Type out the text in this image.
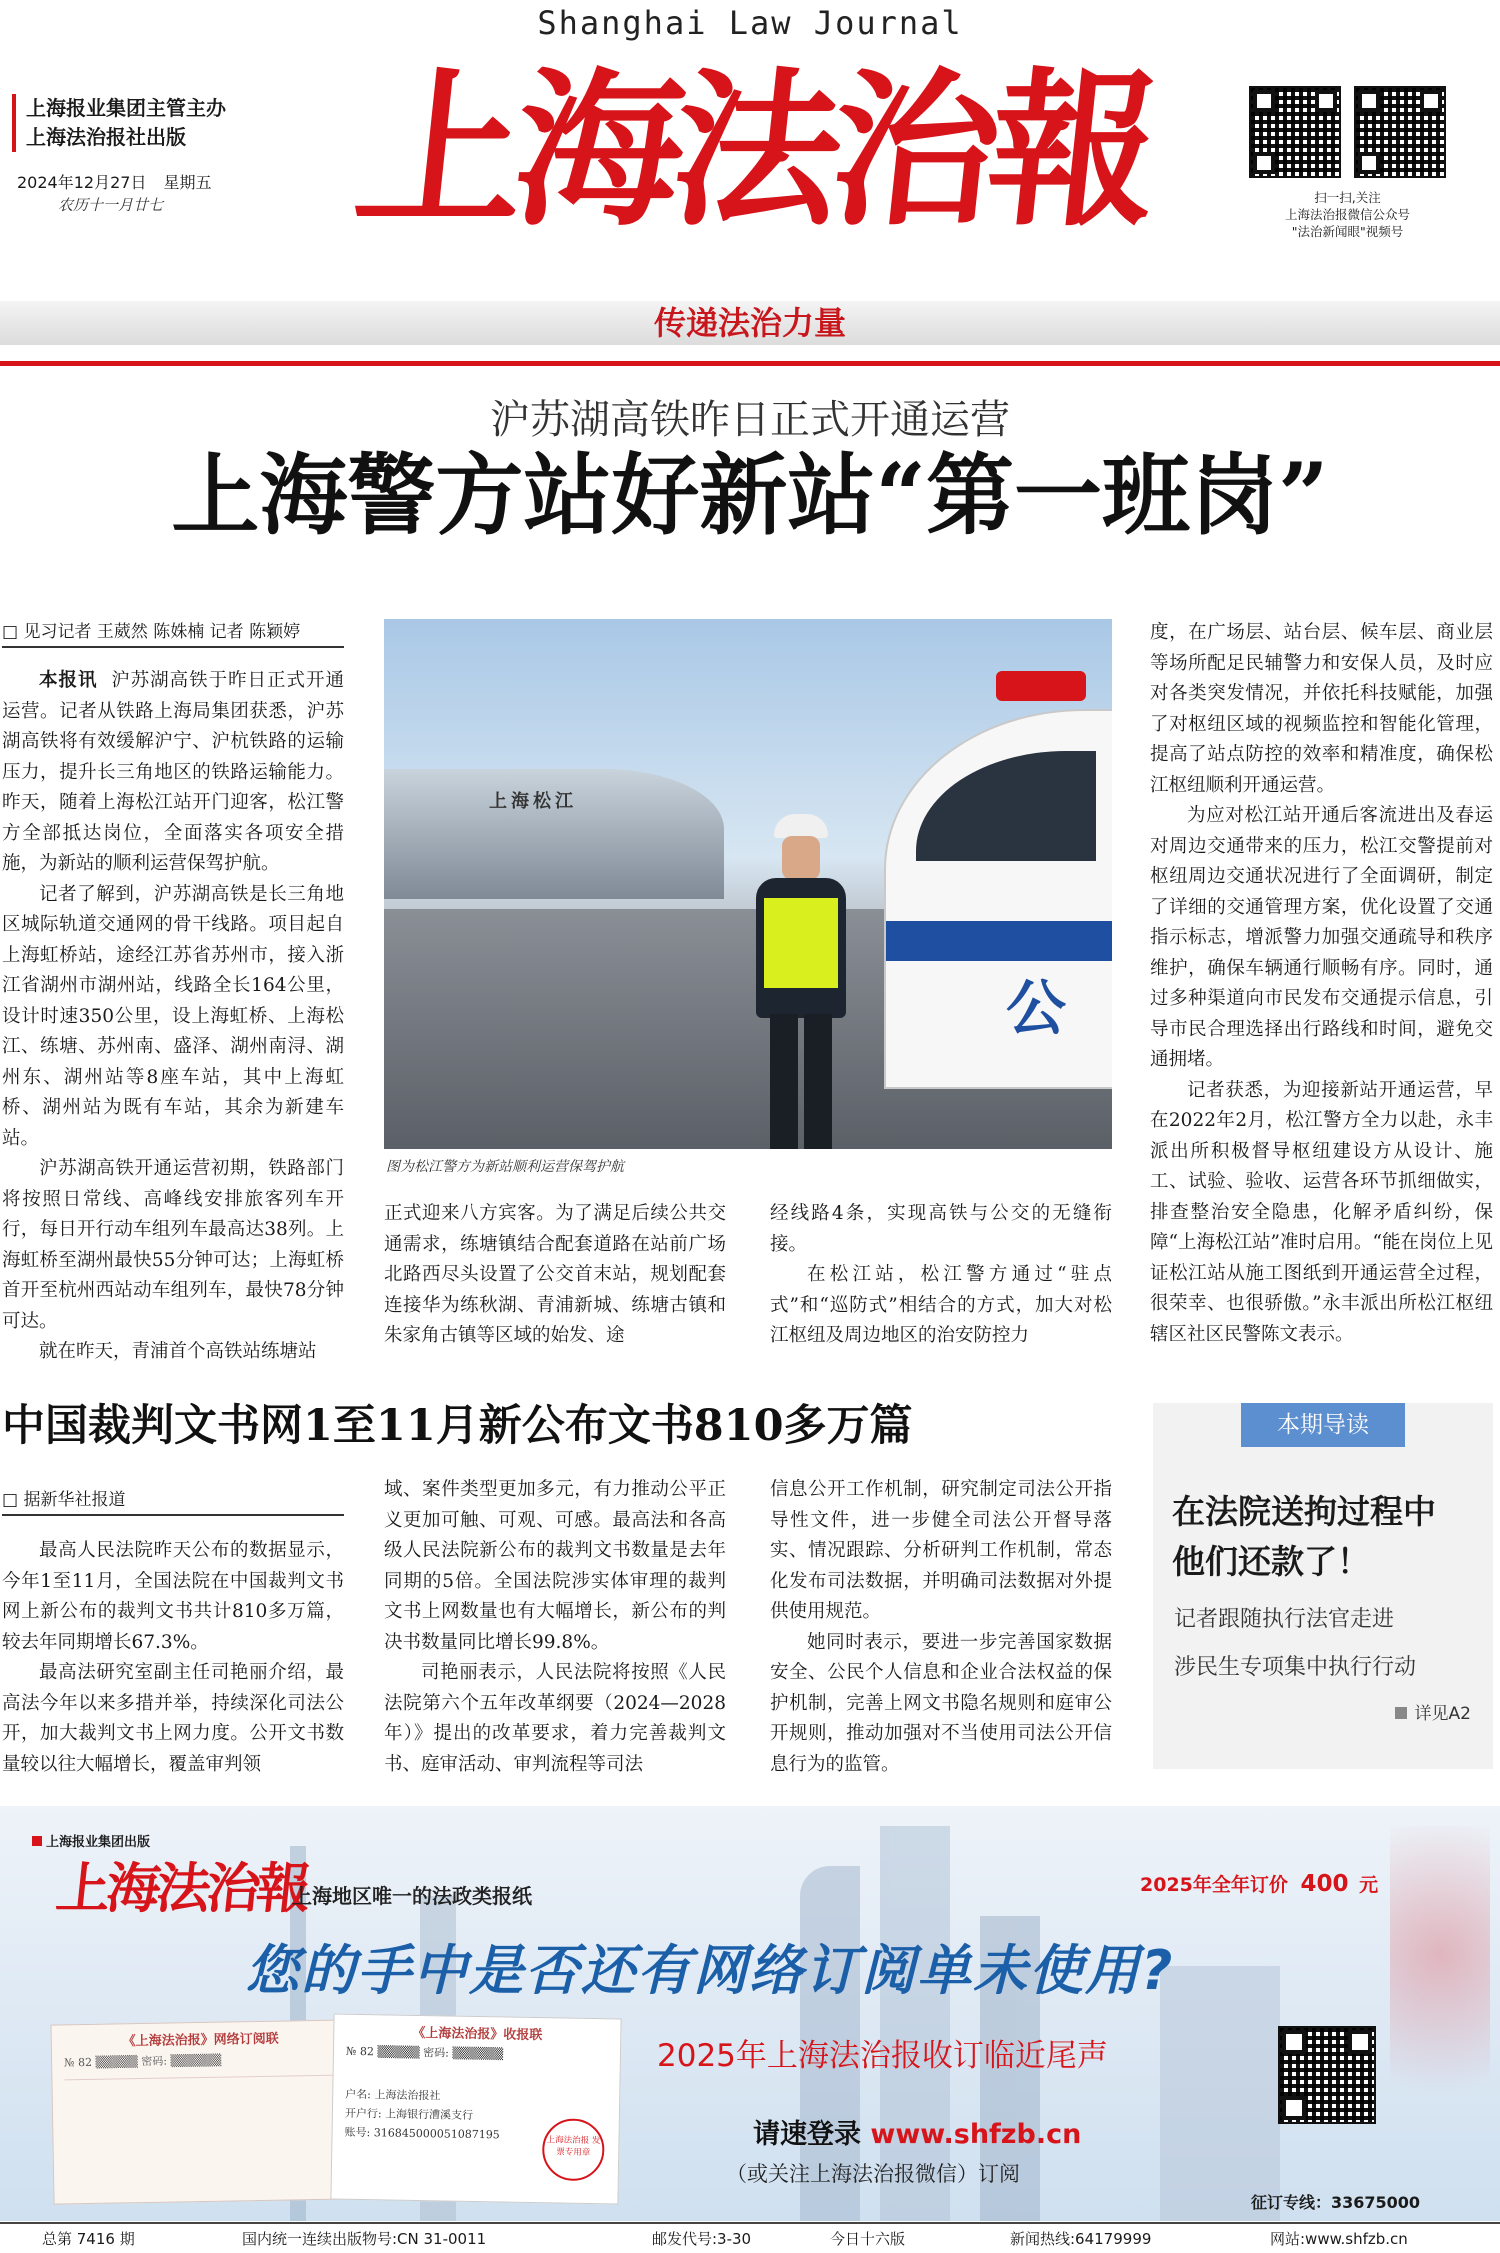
Shanghai Law Journal
上海报业集团主管主办
上海法治报社出版
2024年12月27日 星期五
农历十一月廿七	上海法治報	扫一扫,关注
上海法治报微信公众号
"法治新闻眼"视频号
传递法治力量
沪苏湖高铁昨日正式开通运营
上海警方站好新站“第一班岗”
□ 见习记者 王葳然 陈姝楠 记者 陈颖婷

本报讯 沪苏湖高铁于昨日正式开通运营。记者从铁路上海局集团获悉，沪苏湖高铁将有效缓解沪宁、沪杭铁路的运输压力，提升长三角地区的铁路运输能力。昨天，随着上海松江站开门迎客，松江警方全部抵达岗位，全面落实各项安全措施，为新站的顺利运营保驾护航。

记者了解到，沪苏湖高铁是长三角地区城际轨道交通网的骨干线路。项目起自上海虹桥站，途经江苏省苏州市，接入浙江省湖州市湖州站，线路全长164公里，设计时速350公里，设上海虹桥、上海松江、练塘、苏州南、盛泽、湖州南浔、湖州东、湖州站等8座车站，其中上海虹桥、湖州站为既有车站，其余为新建车站。

沪苏湖高铁开通运营初期，铁路部门将按照日常线、高峰线安排旅客列车开行，每日开行动车组列车最高达38列。上海虹桥至湖州最快55分钟可达；上海虹桥首开至杭州西站动车组列车，最快78分钟可达。

就在昨天，青浦首个高铁站练塘站

上海松江
公
图为松江警方为新站顺利运营保驾护航

正式迎来八方宾客。为了满足后续公共交通需求，练塘镇结合配套道路在站前广场北路西尽头设置了公交首末站，规划配套连接华为练秋湖、青浦新城、练塘古镇和朱家角古镇等区域的始发、途

经线路4条，实现高铁与公交的无缝衔接。

在松江站，松江警方通过“驻点式”和“巡防式”相结合的方式，加大对松江枢纽及周边地区的治安防控力

度，在广场层、站台层、候车层、商业层等场所配足民辅警力和安保人员，及时应对各类突发情况，并依托科技赋能，加强了对枢纽区域的视频监控和智能化管理，提高了站点防控的效率和精准度，确保松江枢纽顺利开通运营。

为应对松江站开通后客流进出及春运对周边交通带来的压力，松江交警提前对枢纽周边交通状况进行了全面调研，制定了详细的交通管理方案，优化设置了交通指示标志，增派警力加强交通疏导和秩序维护，确保车辆通行顺畅有序。同时，通过多种渠道向市民发布交通提示信息，引导市民合理选择出行路线和时间，避免交通拥堵。

记者获悉，为迎接新站开通运营，早在2022年2月，松江警方全力以赴，永丰派出所积极督导枢纽建设方从设计、施工、试验、验收、运营各环节抓细做实，排查整治安全隐患，化解矛盾纠纷，保障“上海松江站”准时启用。“能在岗位上见证松江站从施工图纸到开通运营全过程，很荣幸、也很骄傲。”永丰派出所松江枢纽辖区社区民警陈文表示。

中国裁判文书网1至11月新公布文书810多万篇
□ 据新华社报道

最高人民法院昨天公布的数据显示，今年1至11月，全国法院在中国裁判文书网上新公布的裁判文书共计810多万篇，较去年同期增长67.3%。

最高法研究室副主任司艳丽介绍，最高法今年以来多措并举，持续深化司法公开，加大裁判文书上网力度。公开文书数量较以往大幅增长，覆盖审判领

域、案件类型更加多元，有力推动公平正义更加可触、可观、可感。最高法和各高级人民法院新公布的裁判文书数量是去年同期的5倍。全国法院涉实体审理的裁判文书上网数量也有大幅增长，新公布的判决书数量同比增长99.8%。

司艳丽表示，人民法院将按照《人民法院第六个五年改革纲要（2024—2028年）》提出的改革要求，着力完善裁判文书、庭审活动、审判流程等司法

信息公开工作机制，研究制定司法公开指导性文件，进一步健全司法公开督导落实、情况跟踪、分析研判工作机制，常态化发布司法数据，并明确司法数据对外提供使用规范。

她同时表示，要进一步完善国家数据安全、公民个人信息和企业合法权益的保护机制，完善上网文书隐名规则和庭审公开规则，推动加强对不当使用司法公开信息行为的监管。

本期导读
在法院送拘过程中
他们还款了！
记者跟随执行法官走进
涉民生专项集中执行行动
详见A2
上海报业集团出版
上海法治報
上海地区唯一的法政类报纸	2025年全年订价 400 元
您的手中是否还有网络订阅单未使用?
《上海法治报》网络订阅联
№ 82 ▒▒▒▒▒ 密码: ▒▒▒▒▒▒
《上海法治报》收报联
№ 82 ▒▒▒▒▒ 密码: ▒▒▒▒▒▒
户名: 上海法治报社
开户行: 上海银行漕溪支行
账号: 316845000051087195	上海法治报 发票专用章
2025年上海法治报收订临近尾声
请速登录 www.shfzb.cn
（或关注上海法治报微信）订阅
征订专线：33675000
总第 7416 期	国内统一连续出版物号:CN 31-0011	邮发代号:3-30	今日十六版	新闻热线:64179999	网站:www.shfzb.cn
